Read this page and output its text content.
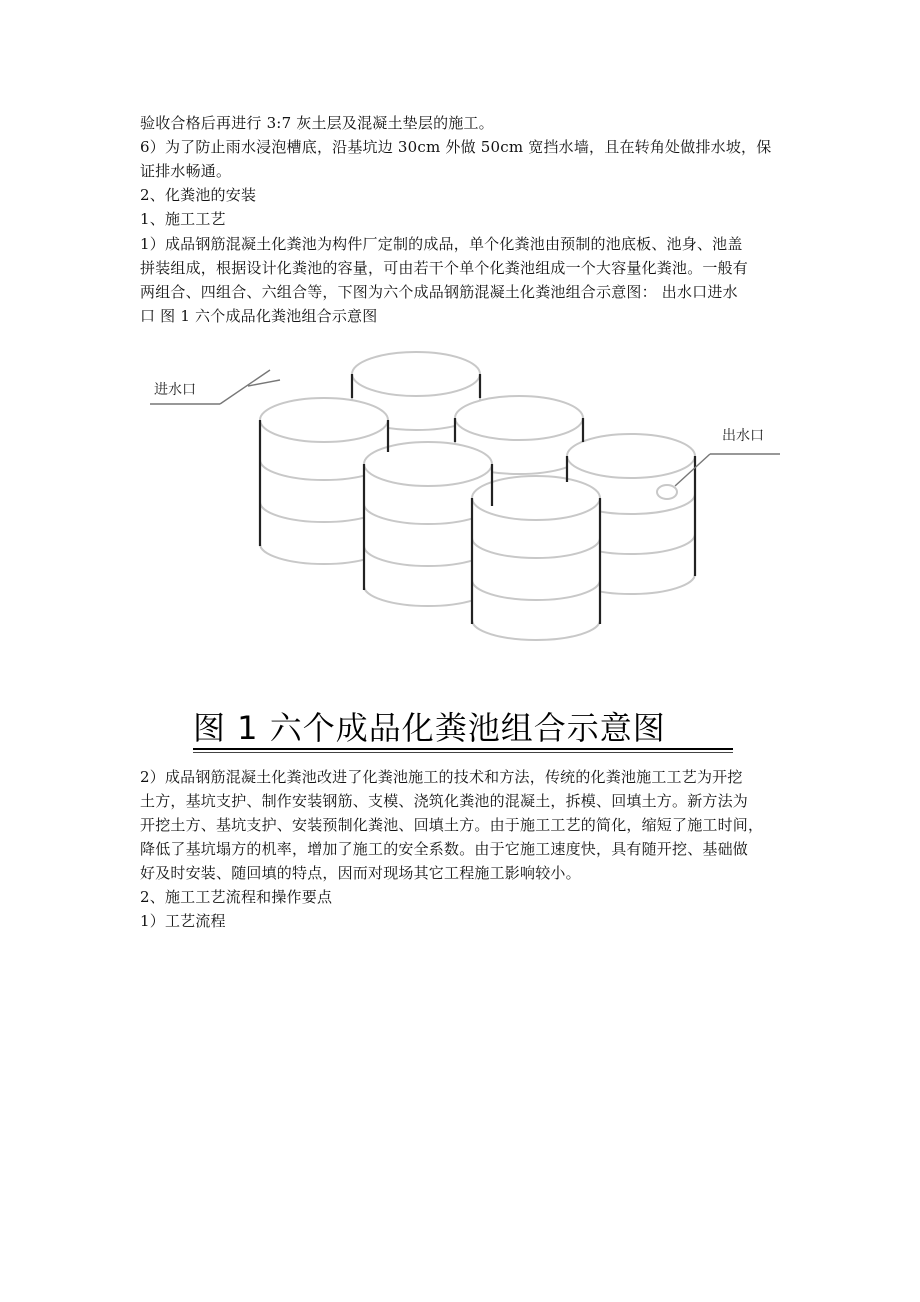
验收合格后再进行 3:7 灰土层及混凝土垫层的施工。
6）为了防止雨水浸泡槽底，沿基坑边 30cm 外做 50cm 宽挡水墙，且在转角处做排水坡，保
证排水畅通。
2、化粪池的安装
1、施工工艺
1）成品钢筋混凝土化粪池为构件厂定制的成品，单个化粪池由预制的池底板、池身、池盖
拼装组成，根据设计化粪池的容量，可由若干个单个化粪池组成一个大容量化粪池。一般有
两组合、四组合、六组合等，下图为六个成品钢筋混凝土化粪池组合示意图： 出水口进水
口 图 1 六个成品化粪池组合示意图
进水口
出水口
图 1 六个成品化粪池组合示意图
2）成品钢筋混凝土化粪池改进了化粪池施工的技术和方法，传统的化粪池施工工艺为开挖
土方，基坑支护、制作安装钢筋、支模、浇筑化粪池的混凝土，拆模、回填土方。新方法为
开挖土方、基坑支护、安装预制化粪池、回填土方。由于施工工艺的简化，缩短了施工时间，
降低了基坑塌方的机率，增加了施工的安全系数。由于它施工速度快，具有随开挖、基础做
好及时安装、随回填的特点，因而对现场其它工程施工影响较小。
2、施工工艺流程和操作要点
1）工艺流程
